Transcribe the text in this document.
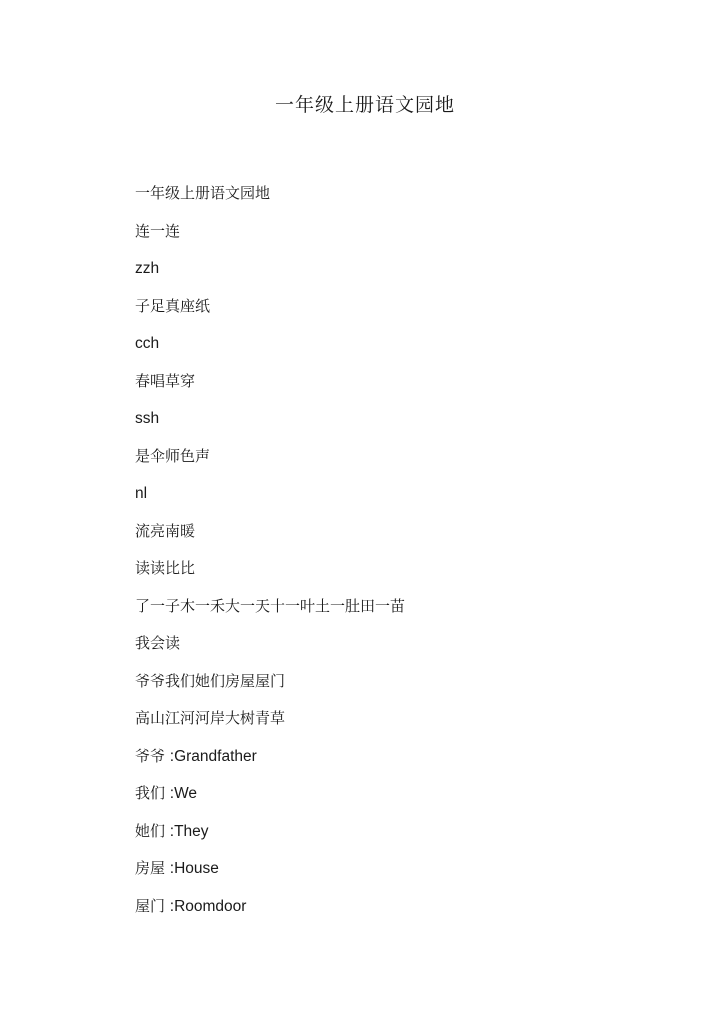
一年级上册语文园地
一年级上册语文园地
连一连
zzh
子足真座纸
cch
春唱草穿
ssh
是伞师色声
nl
流亮南暖
读读比比
了一子木一禾大一天十一叶土一肚田一苗
我会读
爷爷我们她们房屋屋门
高山江河河岸大树青草
爷爷 :Grandfather
我们 :We
她们 :They
房屋 :House
屋门 :Roomdoor
